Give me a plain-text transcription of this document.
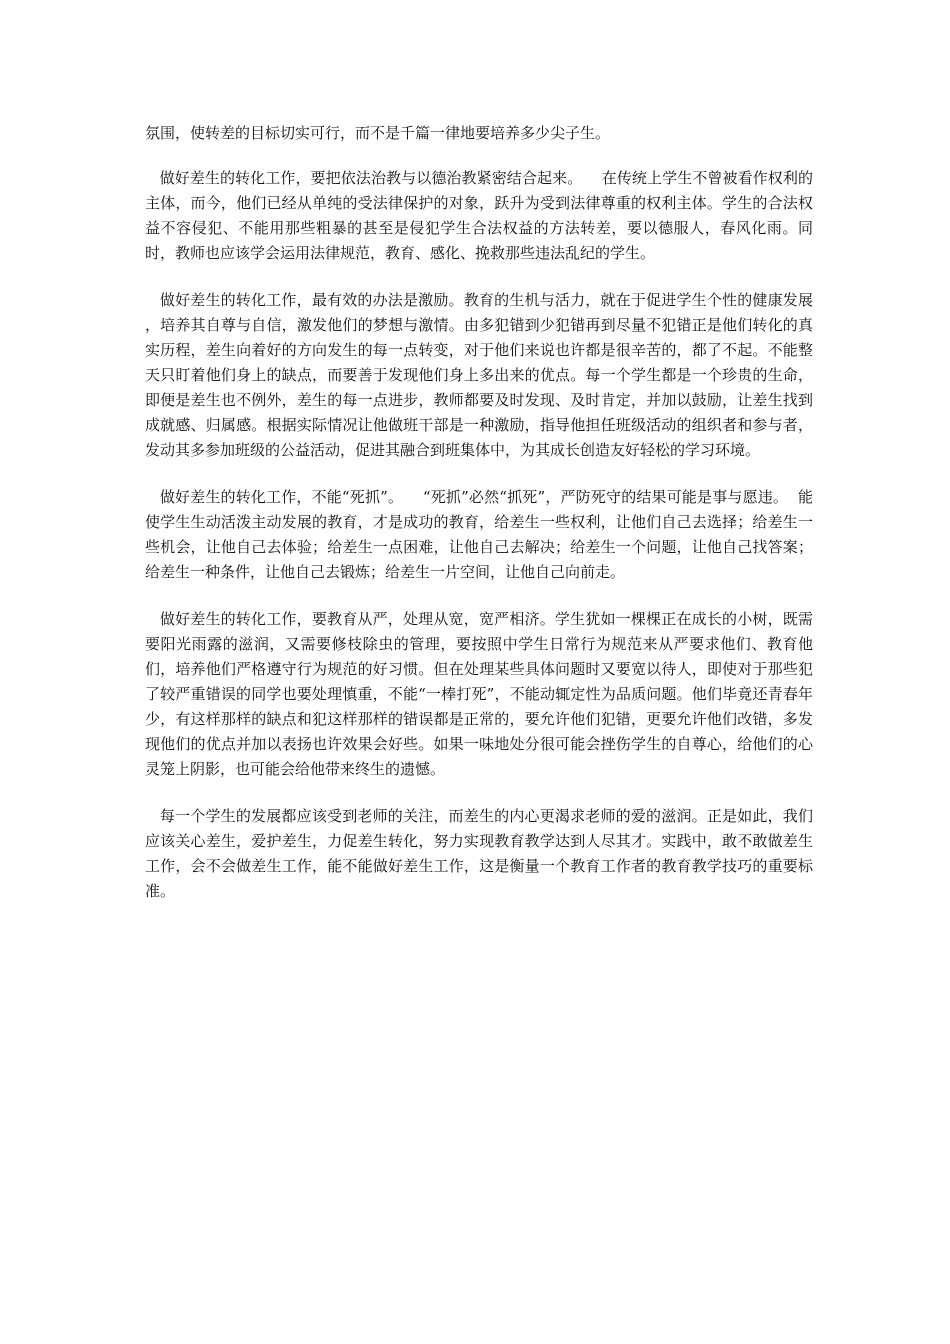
氛围，使转差的目标切实可行，而不是千篇一律地要培养多少尖子生。

做好差生的转化工作，要把依法治教与以德治教紧密结合起来。    在传统上学生不曾被看作权利的主体，而今，他们已经从单纯的受法律保护的对象，跃升为受到法律尊重的权利主体。学生的合法权益不容侵犯、不能用那些粗暴的甚至是侵犯学生合法权益的方法转差，要以德服人，春风化雨。同时，教师也应该学会运用法律规范，教育、感化、挽救那些违法乱纪的学生。

做好差生的转化工作，最有效的办法是激励。教育的生机与活力，就在于促进学生个性的健康发展    ，培养其自尊与自信，激发他们的梦想与激情。由多犯错到少犯错再到尽量不犯错正是他们转化的真实历程，差生向着好的方向发生的每一点转变，对于他们来说也许都是很辛苦的，都了不起。不能整天只盯着他们身上的缺点，而要善于发现他们身上多出来的优点。每一个学生都是一个珍贵的生命，即便是差生也不例外，差生的每一点进步，教师都要及时发现、及时肯定，并加以鼓励，让差生找到成就感、归属感。根据实际情况让他做班干部是一种激励，指导他担任班级活动的组织者和参与者，发动其多参加班级的公益活动，促进其融合到班集体中，为其成长创造友好轻松的学习环境。

做好差生的转化工作，不能“死抓”。    “死抓”必然“抓死”，严防死守的结果可能是事与愿违。  能使学生生动活泼主动发展的教育，才是成功的教育，给差生一些权利，让他们自己去选择；给差生一些机会，让他自己去体验；给差生一点困难，让他自己去解决；给差生一个问题，让他自己找答案；给差生一种条件，让他自己去锻炼；给差生一片空间，让他自己向前走。

做好差生的转化工作，要教育从严，处理从宽，宽严相济。学生犹如一棵棵正在成长的小树，既需要阳光雨露的滋润，又需要修枝除虫的管理，要按照中学生日常行为规范来从严要求他们、教育他们，培养他们严格遵守行为规范的好习惯。但在处理某些具体问题时又要宽以待人，即使对于那些犯了较严重错误的同学也要处理慎重，不能“一棒打死”，不能动辄定性为品质问题。他们毕竟还青春年少，有这样那样的缺点和犯这样那样的错误都是正常的，要允许他们犯错，更要允许他们改错，多发现他们的优点并加以表扬也许效果会好些。如果一味地处分很可能会挫伤学生的自尊心，给他们的心灵笼上阴影，也可能会给他带来终生的遗憾。

每一个学生的发展都应该受到老师的关注，而差生的内心更渴求老师的爱的滋润。正是如此，我们应该关心差生，爱护差生，力促差生转化，努力实现教育教学达到人尽其才。实践中，敢不敢做差生工作，会不会做差生工作，能不能做好差生工作，这是衡量一个教育工作者的教育教学技巧的重要标准。
